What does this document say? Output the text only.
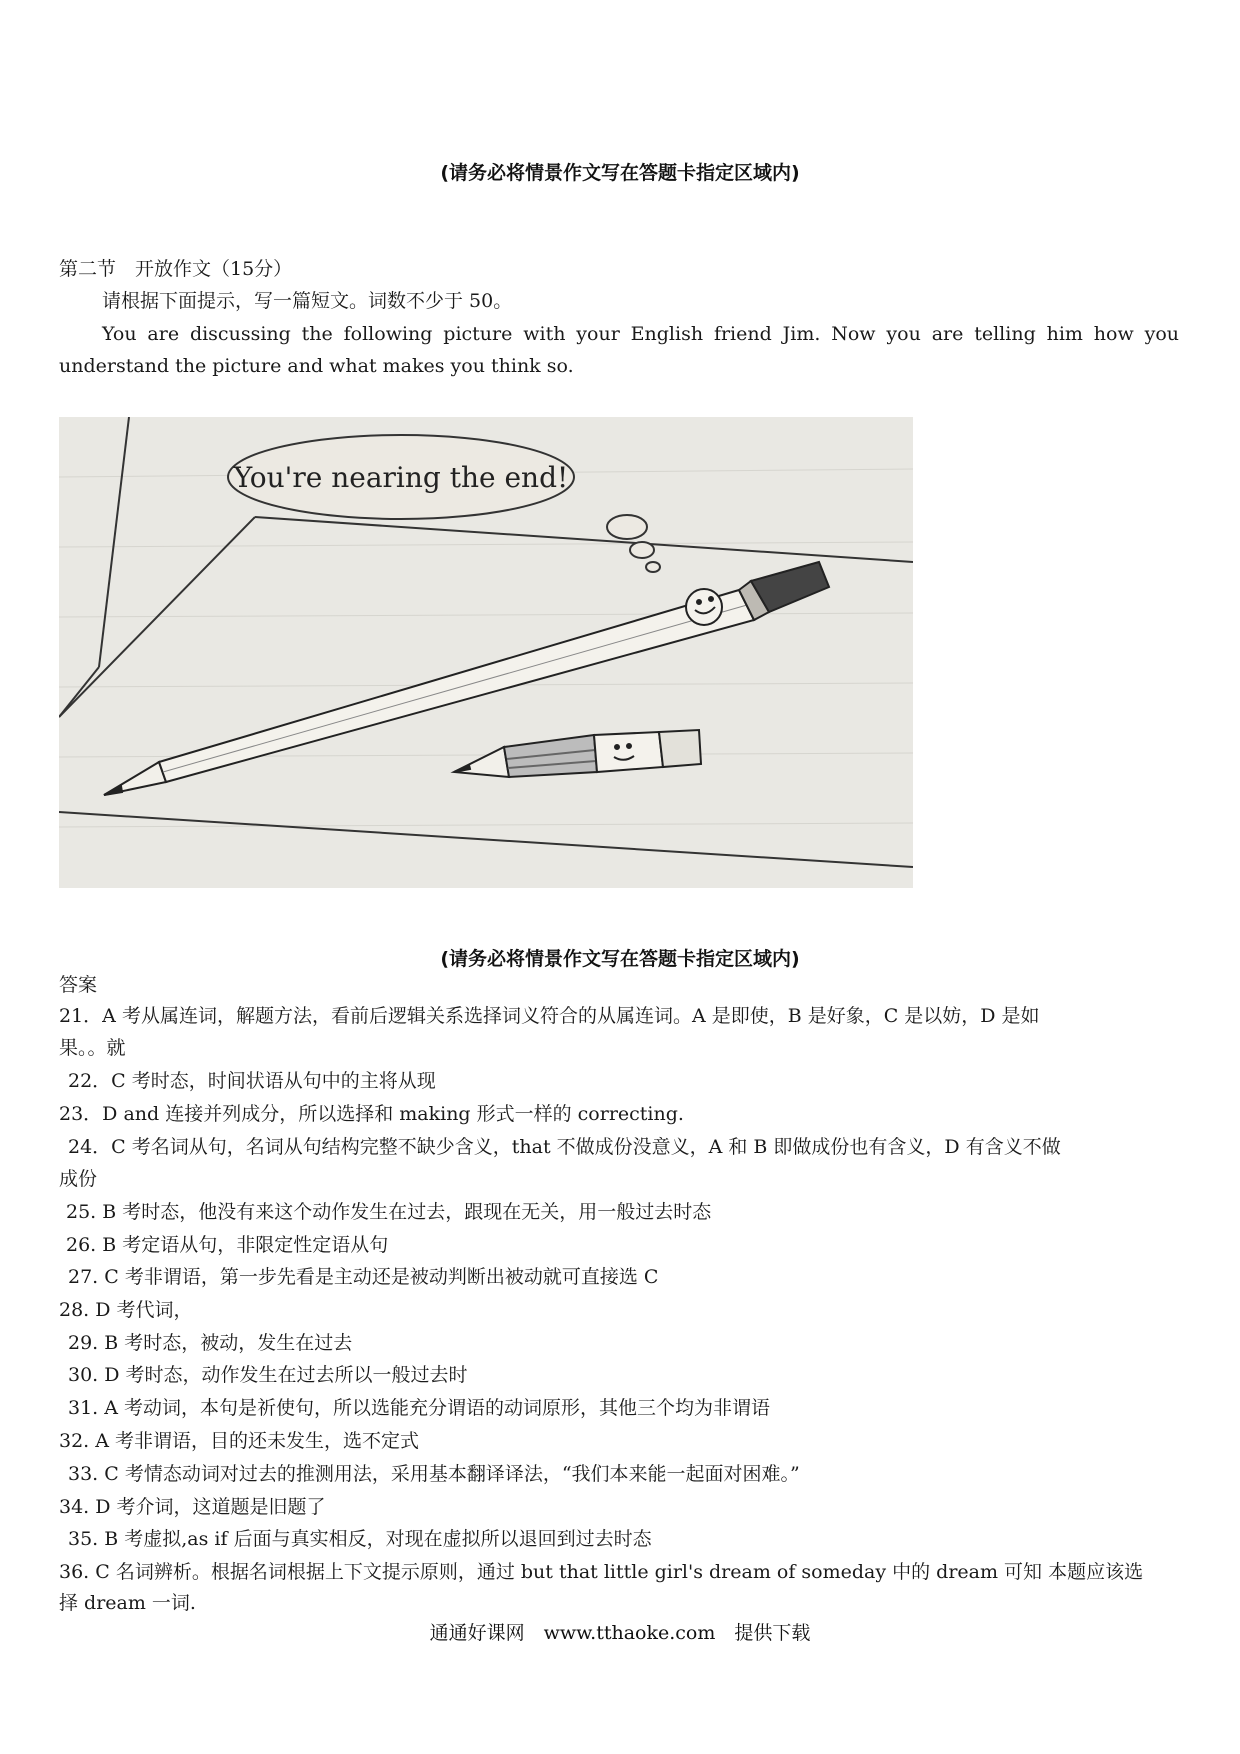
(请务必将情景作文写在答题卡指定区域内)
第二节　开放作文（15分）
请根据下面提示，写一篇短文。词数不少于 50。
You are discussing the following picture with your English friend Jim. Now you are telling him how you understand the picture and what makes you think so.
You're nearing the end!
(请务必将情景作文写在答题卡指定区域内)
答案
21．A 考从属连词，解题方法，看前后逻辑关系选择词义符合的从属连词。A 是即使，B 是好象，C 是以妨，D 是如
果。。就
22．C 考时态，时间状语从句中的主将从现
23．D and 连接并列成分，所以选择和 making 形式一样的 correcting.
24．C 考名词从句，名词从句结构完整不缺少含义，that 不做成份没意义，A 和 B 即做成份也有含义，D 有含义不做
成份
25. B 考时态，他没有来这个动作发生在过去，跟现在无关，用一般过去时态
26. B 考定语从句，非限定性定语从句
27. C 考非谓语，第一步先看是主动还是被动判断出被动就可直接选 C
28. D 考代词，
29. B 考时态，被动，发生在过去
30. D 考时态，动作发生在过去所以一般过去时
31. A 考动词，本句是祈使句，所以选能充分谓语的动词原形，其他三个均为非谓语
32. A 考非谓语，目的还未发生，选不定式
33. C 考情态动词对过去的推测用法，采用基本翻译译法，“我们本来能一起面对困难。”
34. D 考介词，这道题是旧题了
35. B 考虚拟,as if 后面与真实相反，对现在虚拟所以退回到过去时态
36. C 名词辨析。根据名词根据上下文提示原则，通过 but that little girl's dream of someday 中的 dream 可知 本题应该选
择 dream 一词.
通通好课网　www.tthaoke.com　提供下载
